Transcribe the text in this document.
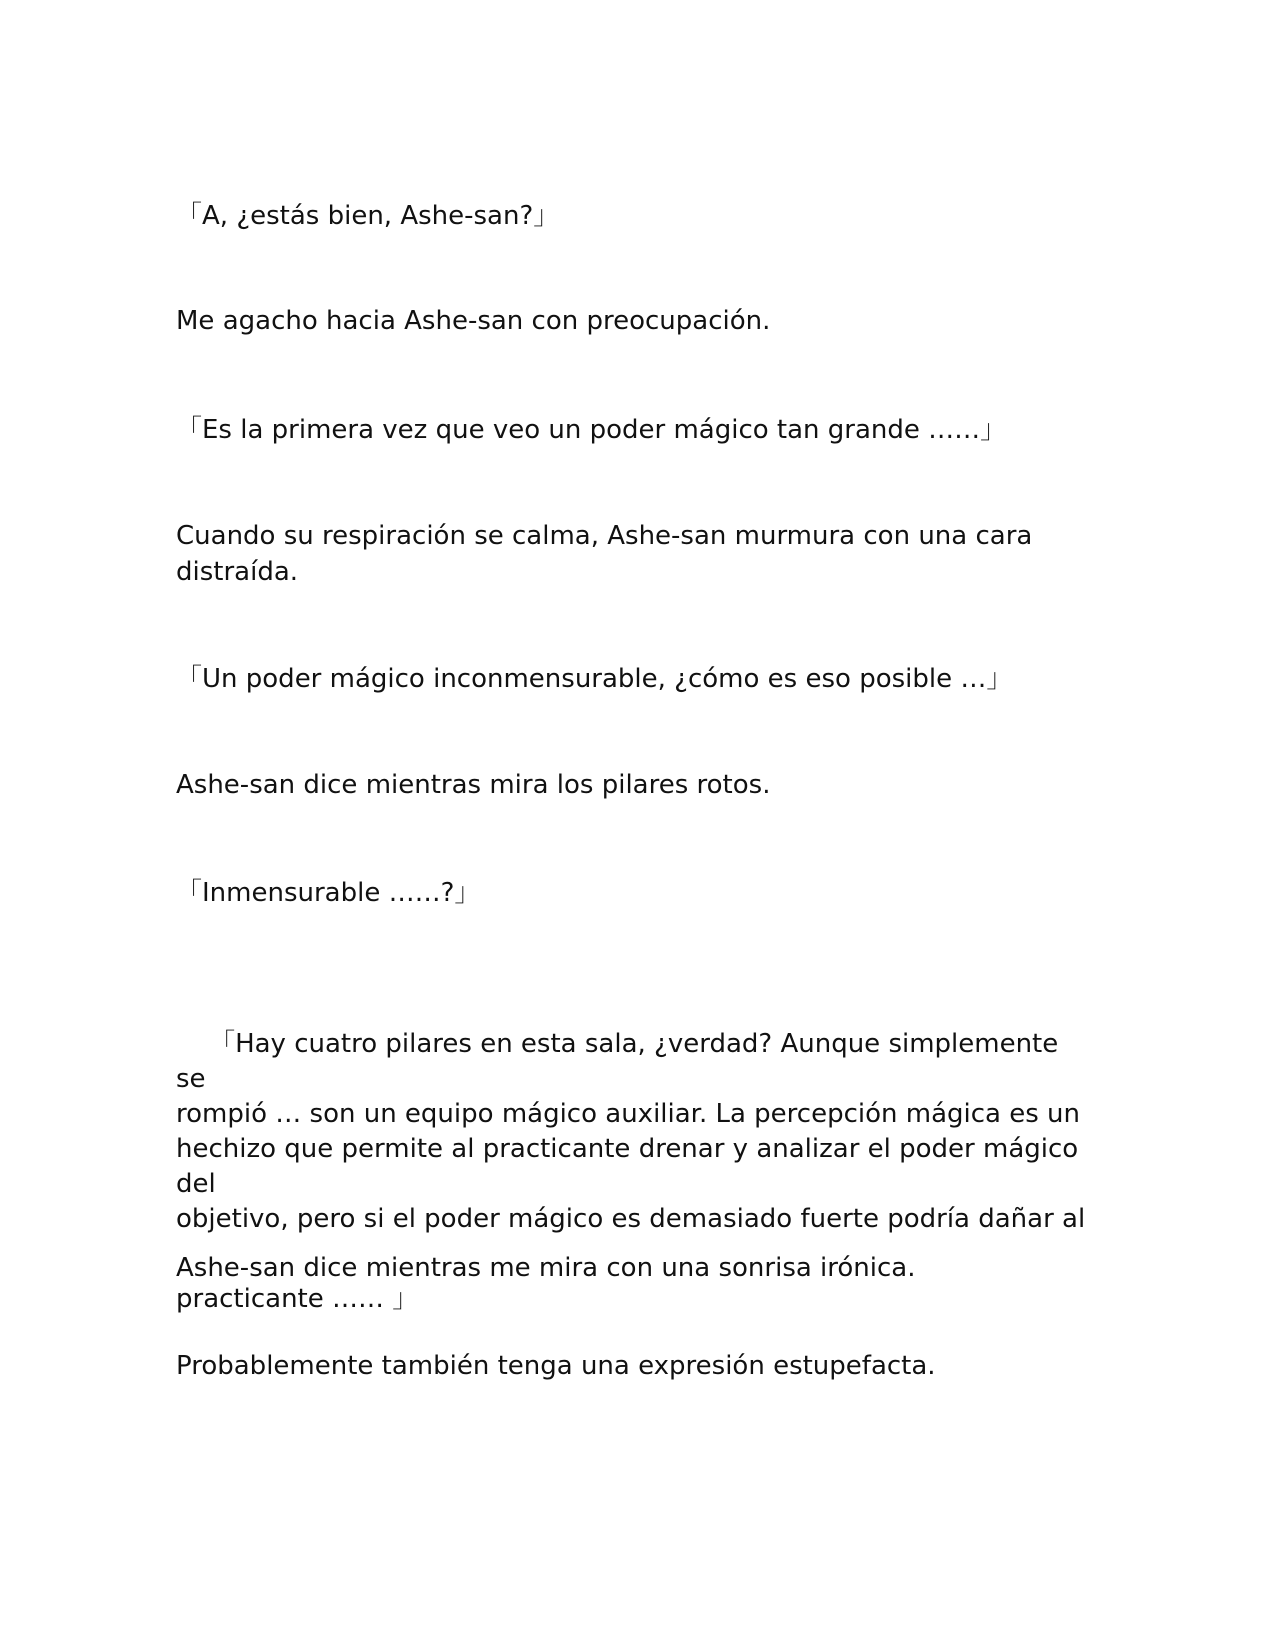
「A, ¿estás bien, Ashe-san?」

Me agacho hacia Ashe-san con preocupación.

「Es la primera vez que veo un poder mágico tan grande ……」

Cuando su respiración se calma, Ashe-san murmura con una cara
distraída.

「Un poder mágico inconmensurable, ¿cómo es eso posible …」

Ashe-san dice mientras mira los pilares rotos.

「Inmensurable ……?」

「Hay cuatro pilares en esta sala, ¿verdad? Aunque simplemente se
rompió … son un equipo mágico auxiliar. La percepción mágica es un
hechizo que permite al practicante drenar y analizar el poder mágico del
objetivo, pero si el poder mágico es demasiado fuerte podría dañar al

practicante …… 」

Ashe-san dice mientras me mira con una sonrisa irónica.

Probablemente también tenga una expresión estupefacta.
